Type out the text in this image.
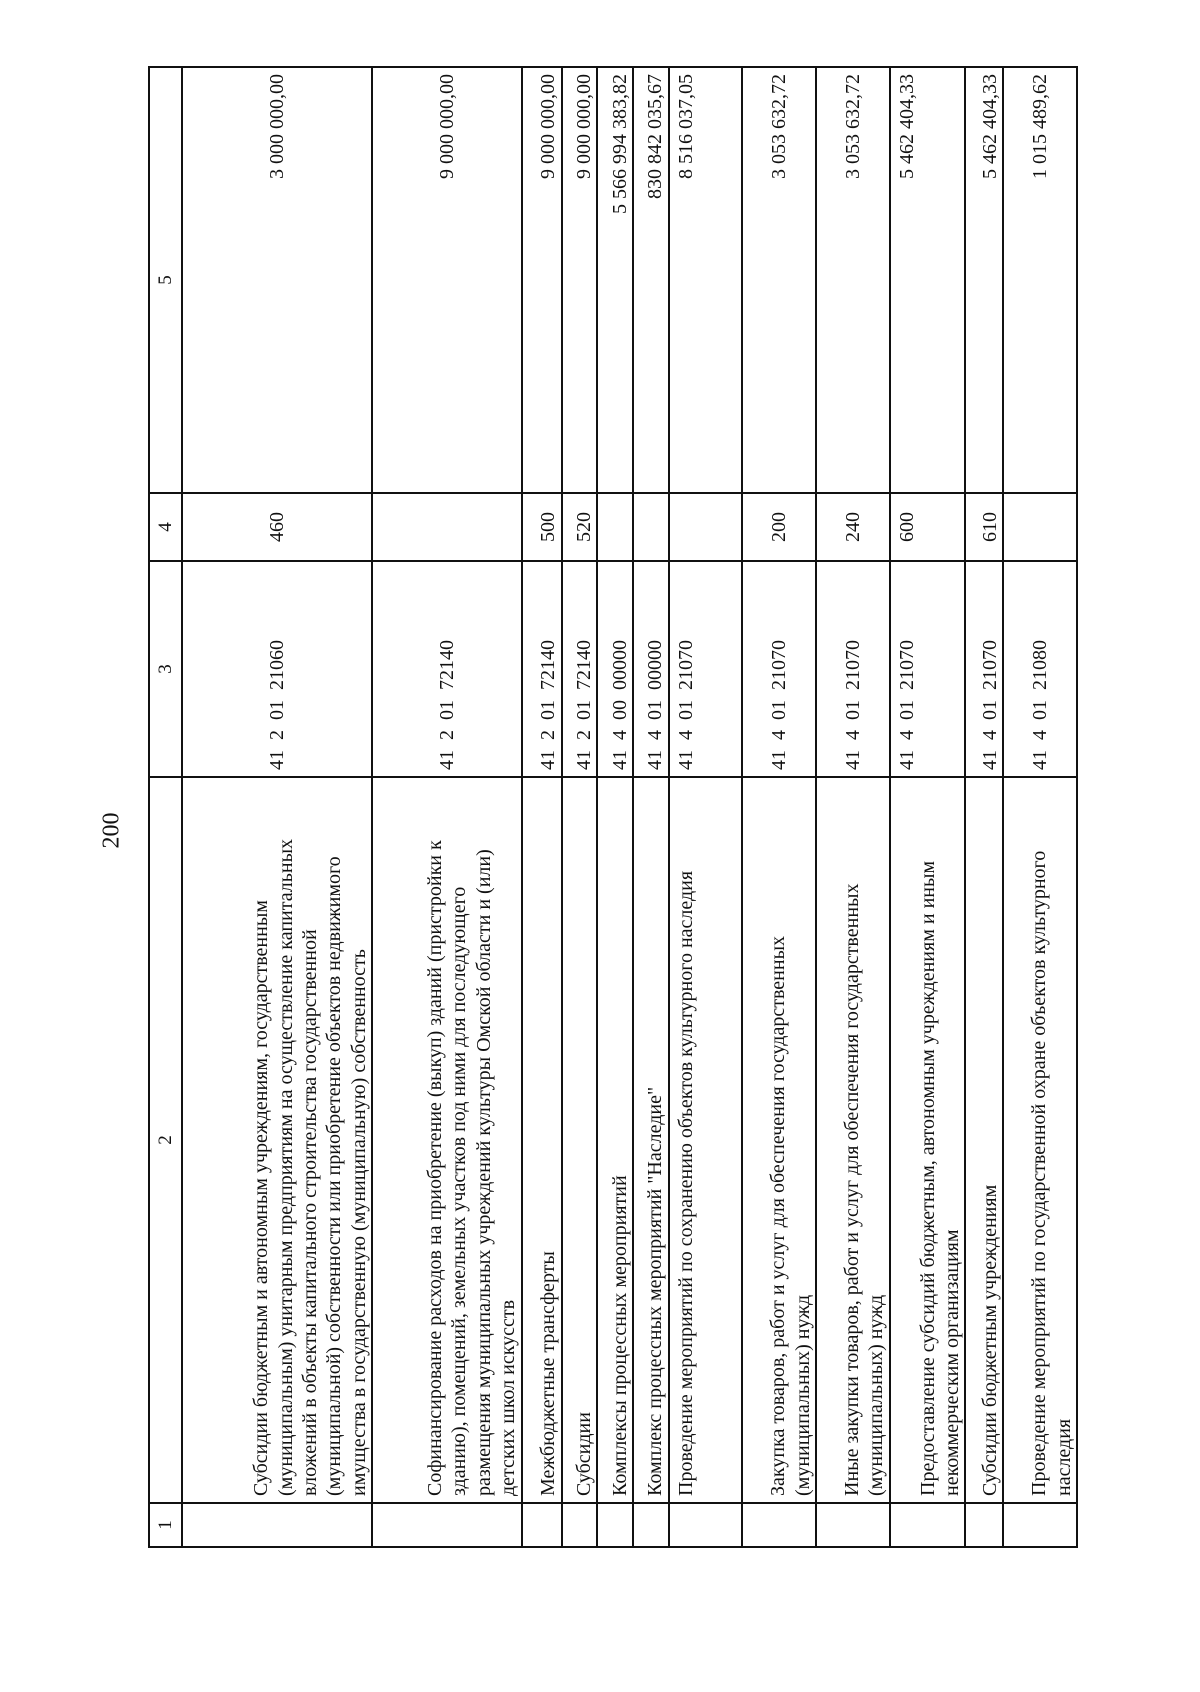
200
1	2	3	4	5
	Субсидии бюджетным и автономным учреждениям, государственным (муниципальным) унитарным предприятиям на осуществление капитальных вложений в объекты капитального строительства государственной (муниципальной) собственности или приобретение объектов недвижимого имущества в государственную (муниципальную) собственность	41  2  01  21060	460	3 000 000,00
	Софинансирование расходов на приобретение (выкуп) зданий (пристройки к зданию), помещений, земельных участков под ними для последующего размещения муниципальных учреждений культуры Омской области и (или) детских школ искусств	41  2  01  72140		9 000 000,00
	Межбюджетные трансферты	41  2  01  72140	500	9 000 000,00
	Субсидии	41  2  01  72140	520	9 000 000,00
	Комплексы процессных мероприятий	41  4  00  00000		5 566 994 383,82
	Комплекс процессных мероприятий "Наследие"	41  4  01  00000		830 842 035,67
	Проведение мероприятий по сохранению объектов культурного наследия	41  4  01  21070		8 516 037,05
	Закупка товаров, работ и услуг для обеспечения государственных (муниципальных) нужд	41  4  01  21070	200	3 053 632,72
	Иные закупки товаров, работ и услуг для обеспечения государственных (муниципальных) нужд	41  4  01  21070	240	3 053 632,72
	Предоставление субсидий бюджетным, автономным учреждениям и иным некоммерческим организациям	41  4  01  21070	600	5 462 404,33
	Субсидии бюджетным учреждениям	41  4  01  21070	610	5 462 404,33
	Проведение мероприятий по государственной охране объектов культурного наследия	41  4  01  21080		1 015 489,62
